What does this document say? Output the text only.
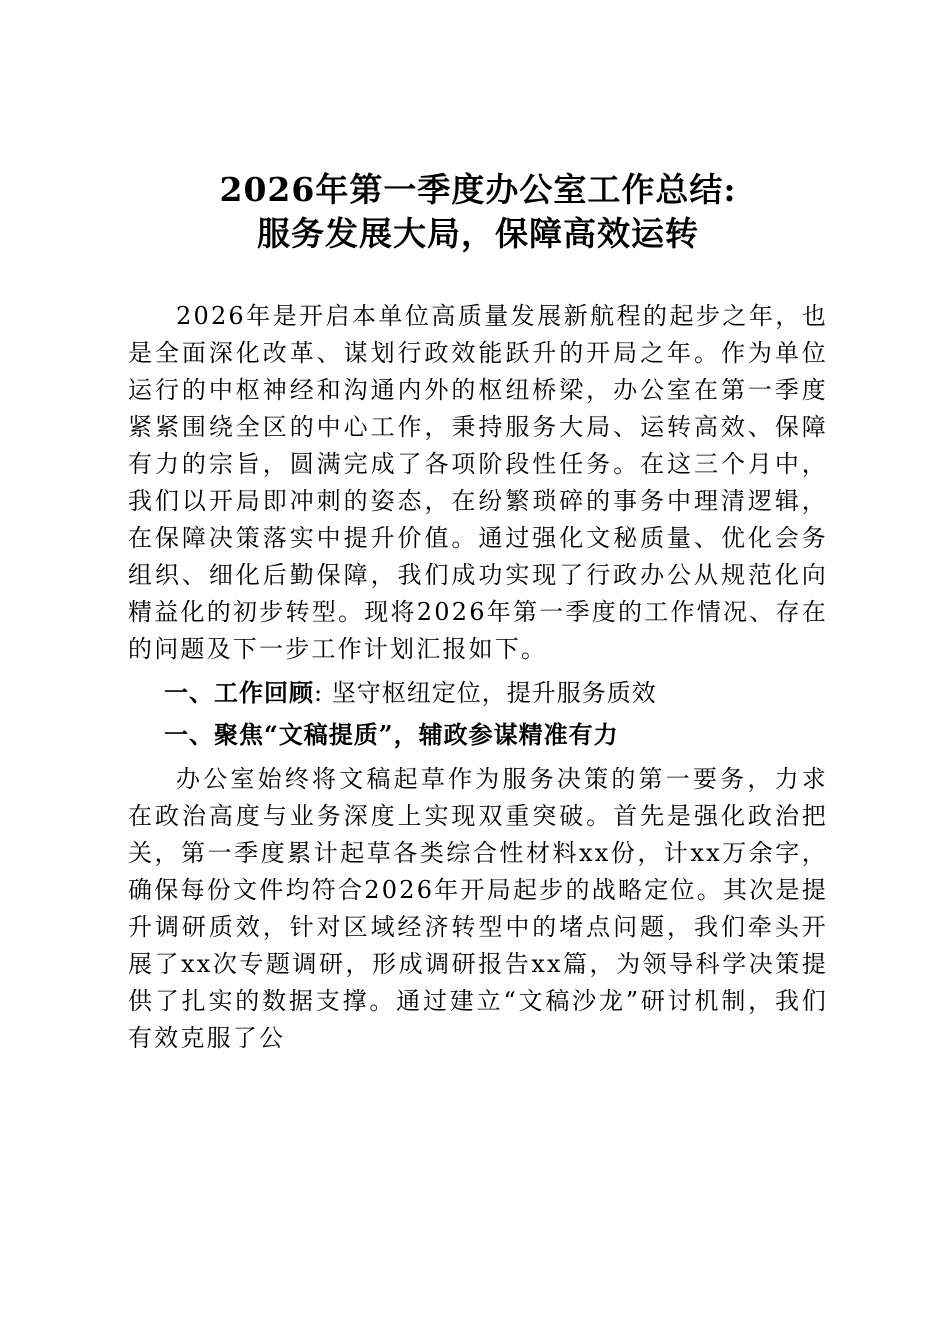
2026年第一季度办公室工作总结:
服务发展大局，保障高效运转

2026年是开启本单位高质量发展新航程的起步之年，也是全面深化改革、谋划行政效能跃升的开局之年。作为单位运行的中枢神经和沟通内外的枢纽桥梁，办公室在第一季度紧紧围绕全区的中心工作，秉持服务大局、运转高效、保障有力的宗旨，圆满完成了各项阶段性任务。在这三个月中，我们以开局即冲刺的姿态，在纷繁琐碎的事务中理清逻辑，在保障决策落实中提升价值。通过强化文秘质量、优化会务组织、细化后勤保障，我们成功实现了行政办公从规范化向精益化的初步转型。现将2026年第一季度的工作情况、存在的问题及下一步工作计划汇报如下。

一、工作回顾: 坚守枢纽定位，提升服务质效

一、聚焦“文稿提质”，辅政参谋精准有力

办公室始终将文稿起草作为服务决策的第一要务，力求在政治高度与业务深度上实现双重突破。首先是强化政治把关，第一季度累计起草各类综合性材料xx份，计xx万余字，确保每份文件均符合2026年开局起步的战略定位。其次是提升调研质效，针对区域经济转型中的堵点问题，我们牵头开展了xx次专题调研，形成调研报告xx篇，为领导科学决策提供了扎实的数据支撑。通过建立“文稿沙龙”研讨机制，我们有效克服了公
